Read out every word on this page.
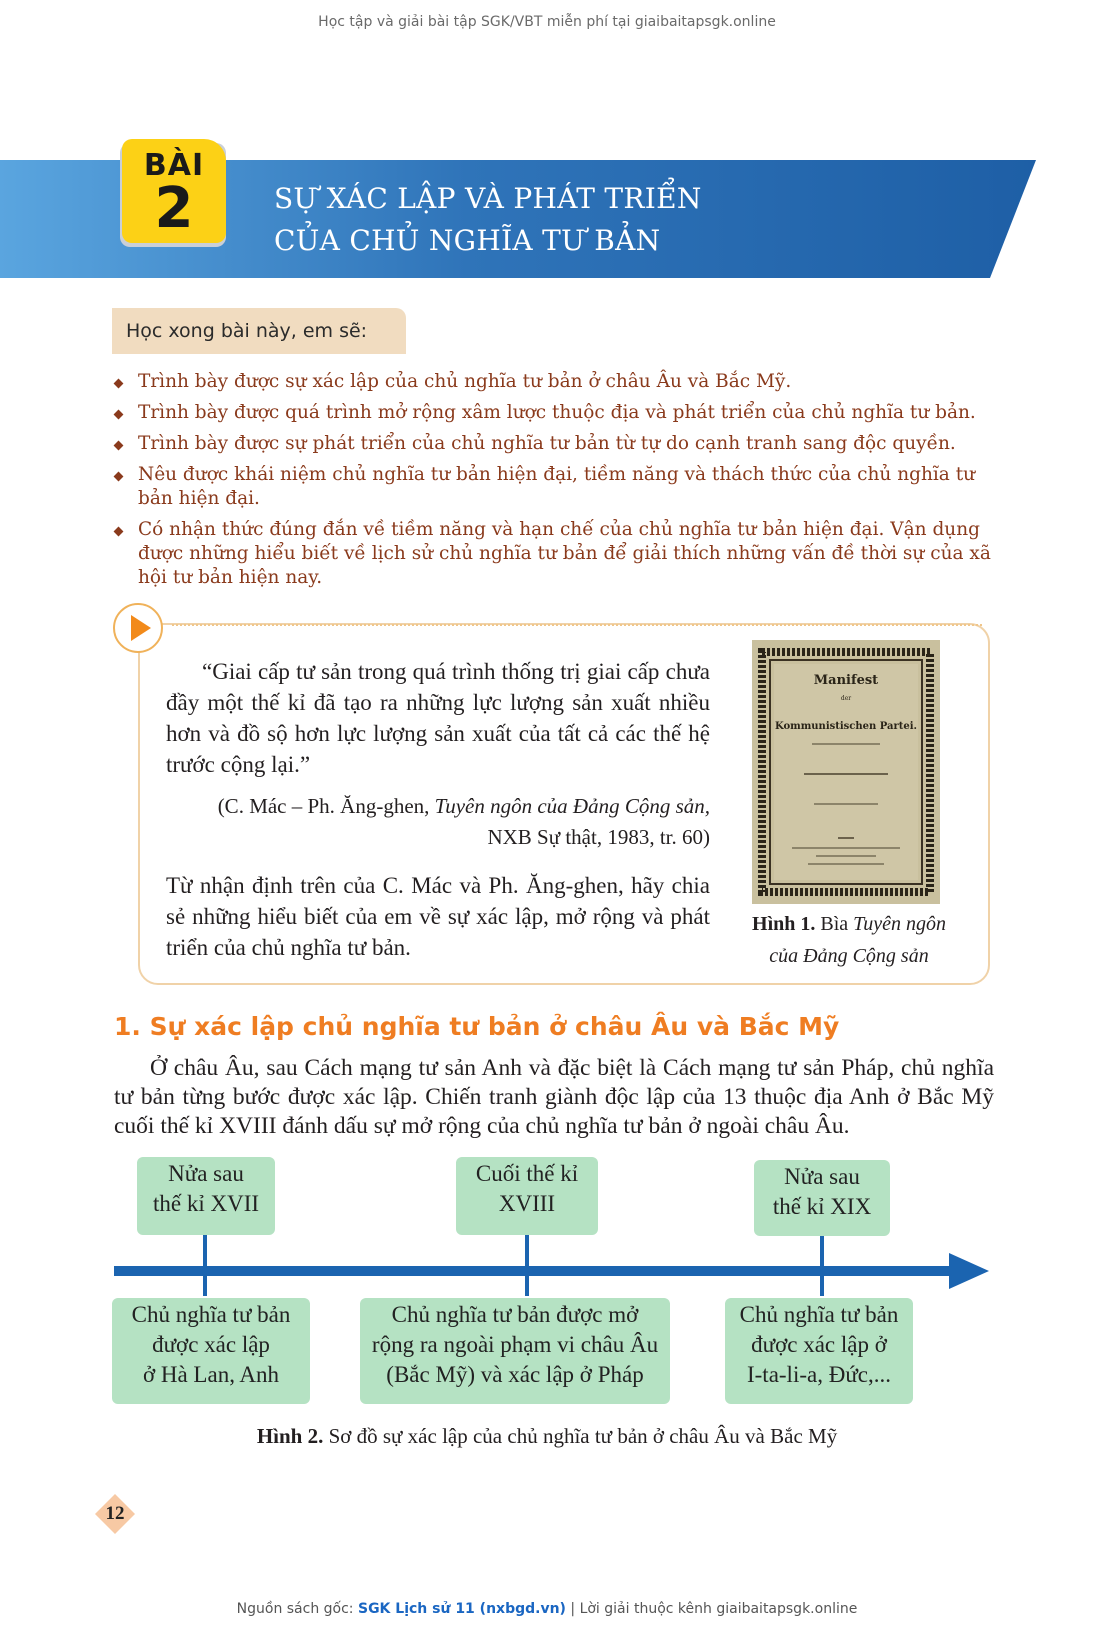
Học tập và giải bài tập SGK/VBT miễn phí tại giaibaitapsgk.online
BÀI
2	SỰ XÁC LẬP VÀ PHÁT TRIỂN
CỦA CHỦ NGHĨA TƯ BẢN
Học xong bài này, em sẽ:
Trình bày được sự xác lập của chủ nghĩa tư bản ở châu Âu và Bắc Mỹ.
Trình bày được quá trình mở rộng xâm lược thuộc địa và phát triển của chủ nghĩa tư bản.
Trình bày được sự phát triển của chủ nghĩa tư bản từ tự do cạnh tranh sang độc quyền.
Nêu được khái niệm chủ nghĩa tư bản hiện đại, tiềm năng và thách thức của chủ nghĩa tư bản hiện đại.
Có nhận thức đúng đắn về tiềm năng và hạn chế của chủ nghĩa tư bản hiện đại. Vận dụng được những hiểu biết về lịch sử chủ nghĩa tư bản để giải thích những vấn đề thời sự của xã hội tư bản hiện nay.
“Giai cấp tư sản trong quá trình thống trị giai cấp chưa đầy một thế kỉ đã tạo ra những lực lượng sản xuất nhiều hơn và đồ sộ hơn lực lượng sản xuất của tất cả các thế hệ trước cộng lại.”
(C. Mác – Ph. Ăng-ghen, Tuyên ngôn của Đảng Cộng sản,
NXB Sự thật, 1983, tr. 60)
Từ nhận định trên của C. Mác và Ph. Ăng-ghen, hãy chia sẻ những hiểu biết của em về sự xác lập, mở rộng và phát triển của chủ nghĩa tư bản.
Manifest
der
Kommunistischen Partei.
Hình 1. Bìa Tuyên ngôn
của Đảng Cộng sản
1. Sự xác lập chủ nghĩa tư bản ở châu Âu và Bắc Mỹ
Ở châu Âu, sau Cách mạng tư sản Anh và đặc biệt là Cách mạng tư sản Pháp, chủ nghĩa tư bản từng bước được xác lập. Chiến tranh giành độc lập của 13 thuộc địa Anh ở Bắc Mỹ cuối thế kỉ XVIII đánh dấu sự mở rộng của chủ nghĩa tư bản ở ngoài châu Âu.
Nửa sau
thế kỉ XVII
Cuối thế kỉ
XVIII
Nửa sau
thế kỉ XIX
Chủ nghĩa tư bản
được xác lập
ở Hà Lan, Anh
Chủ nghĩa tư bản được mở
rộng ra ngoài phạm vi châu Âu
(Bắc Mỹ) và xác lập ở Pháp
Chủ nghĩa tư bản
được xác lập ở
I-ta-li-a, Đức,...
Hình 2. Sơ đồ sự xác lập của chủ nghĩa tư bản ở châu Âu và Bắc Mỹ
12
Nguồn sách gốc: SGK Lịch sử 11 (nxbgd.vn) | Lời giải thuộc kênh giaibaitapsgk.online
